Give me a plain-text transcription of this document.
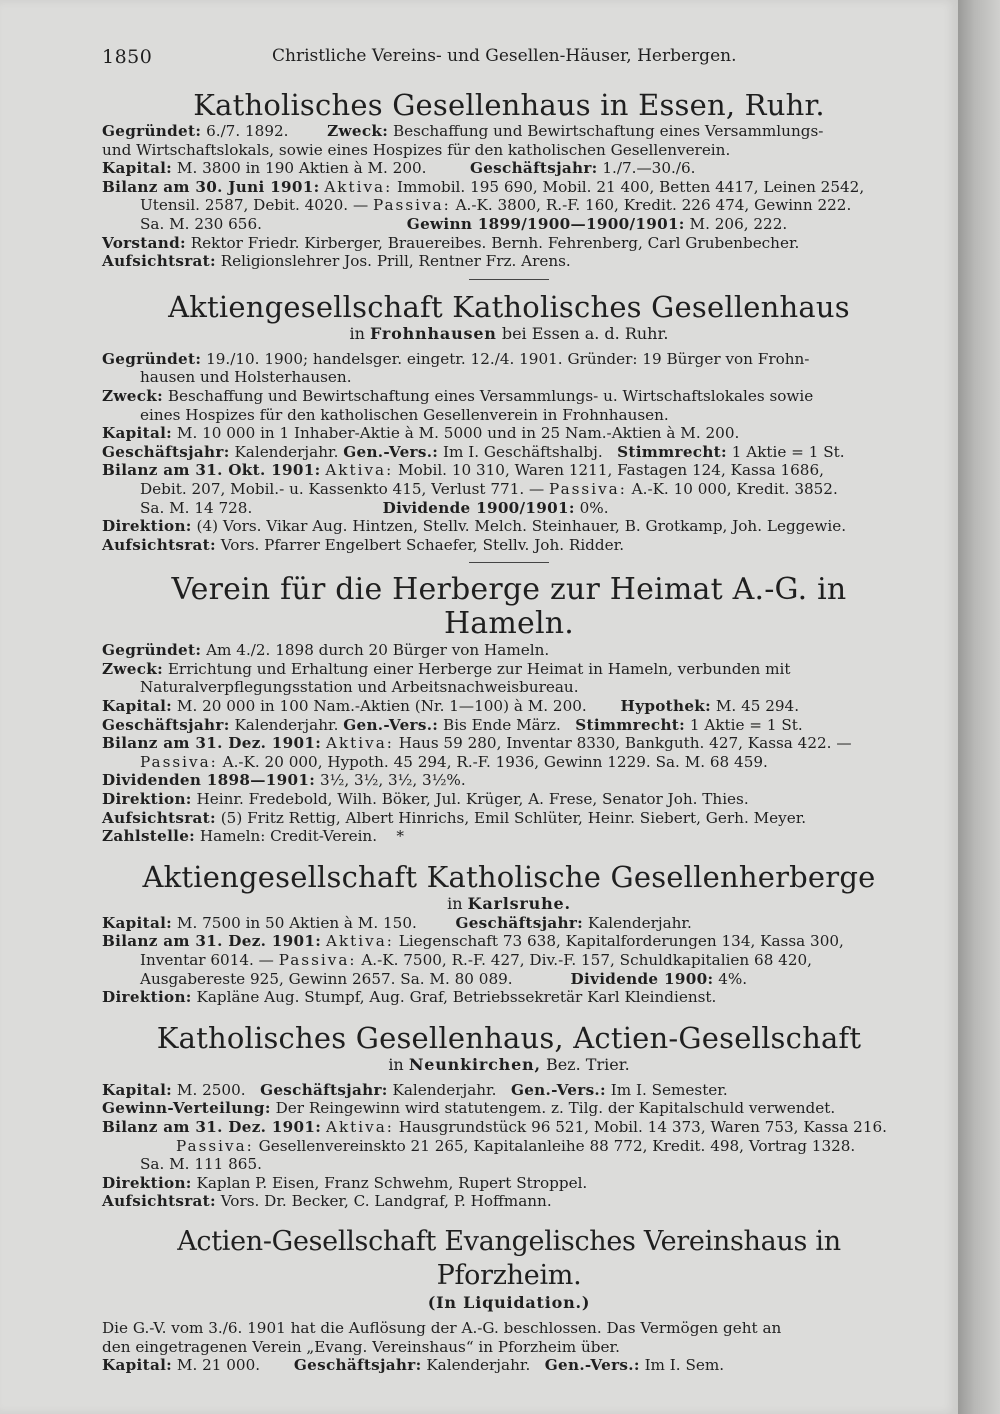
1850	Christliche Vereins- und Gesellen-Häuser, Herbergen.
Katholisches Gesellenhaus in Essen, Ruhr.

Gegründet: 6./7. 1892.	Zweck: Beschaffung und Bewirtschaftung eines Versammlungs-

und Wirtschaftslokals, sowie eines Hospizes für den katholischen Gesellenverein.

Kapital: M. 3800 in 190 Aktien à M. 200.	Geschäftsjahr: 1./7.—30./6.

Bilanz am 30. Juni 1901: Aktiva: Immobil. 195 690, Mobil. 21 400, Betten 4417, Leinen 2542,

Utensil. 2587, Debit. 4020. — Passiva: A.-K. 3800, R.-F. 160, Kredit. 226 474, Gewinn 222.

Sa. M. 230 656.	Gewinn 1899/1900—1900/1901: M. 206, 222.

Vorstand: Rektor Friedr. Kirberger, Brauereibes. Bernh. Fehrenberg, Carl Grubenbecher.

Aufsichtsrat: Religionslehrer Jos. Prill, Rentner Frz. Arens.

Aktiengesellschaft Katholisches Gesellenhaus
in Frohnhausen bei Essen a. d. Ruhr.

Gegründet: 19./10. 1900; handelsger. eingetr. 12./4. 1901. Gründer: 19 Bürger von Frohn-

hausen und Holsterhausen.

Zweck: Beschaffung und Bewirtschaftung eines Versammlungs- u. Wirtschaftslokales sowie

eines Hospizes für den katholischen Gesellenverein in Frohnhausen.

Kapital: M. 10 000 in 1 Inhaber-Aktie à M. 5000 und in 25 Nam.-Aktien à M. 200.

Geschäftsjahr: Kalenderjahr. Gen.-Vers.: Im I. Geschäftshalbj. Stimmrecht: 1 Aktie = 1 St.

Bilanz am 31. Okt. 1901: Aktiva: Mobil. 10 310, Waren 1211, Fastagen 124, Kassa 1686,

Debit. 207, Mobil.- u. Kassenkto 415, Verlust 771. — Passiva: A.-K. 10 000, Kredit. 3852.

Sa. M. 14 728.	Dividende 1900/1901: 0%.

Direktion: (4) Vors. Vikar Aug. Hintzen, Stellv. Melch. Steinhauer, B. Grotkamp, Joh. Leggewie.

Aufsichtsrat: Vors. Pfarrer Engelbert Schaefer, Stellv. Joh. Ridder.

Verein für die Herberge zur Heimat A.-G. in Hameln.

Gegründet: Am 4./2. 1898 durch 20 Bürger von Hameln.

Zweck: Errichtung und Erhaltung einer Herberge zur Heimat in Hameln, verbunden mit

Naturalverpflegungsstation und Arbeitsnachweisbureau.

Kapital: M. 20 000 in 100 Nam.-Aktien (Nr. 1—100) à M. 200. Hypothek: M. 45 294.

Geschäftsjahr: Kalenderjahr. Gen.-Vers.: Bis Ende März. Stimmrecht: 1 Aktie = 1 St.

Bilanz am 31. Dez. 1901: Aktiva: Haus 59 280, Inventar 8330, Bankguth. 427, Kassa 422. —

Passiva: A.-K. 20 000, Hypoth. 45 294, R.-F. 1936, Gewinn 1229. Sa. M. 68 459.

Dividenden 1898—1901: 3½, 3½, 3½, 3½%.

Direktion: Heinr. Fredebold, Wilh. Böker, Jul. Krüger, A. Frese, Senator Joh. Thies.

Aufsichtsrat: (5) Fritz Rettig, Albert Hinrichs, Emil Schlüter, Heinr. Siebert, Gerh. Meyer.

Zahlstelle: Hameln: Credit-Verein. *

Aktiengesellschaft Katholische Gesellenherberge
in Karlsruhe.

Kapital: M. 7500 in 50 Aktien à M. 150.	Geschäftsjahr: Kalenderjahr.

Bilanz am 31. Dez. 1901: Aktiva: Liegenschaft 73 638, Kapitalforderungen 134, Kassa 300,

Inventar 6014. — Passiva: A.-K. 7500, R.-F. 427, Div.-F. 157, Schuldkapitalien 68 420,

Ausgabereste 925, Gewinn 2657. Sa. M. 80 089.	Dividende 1900: 4%.

Direktion: Kapläne Aug. Stumpf, Aug. Graf, Betriebssekretär Karl Kleindienst.

Katholisches Gesellenhaus, Actien-Gesellschaft
in Neunkirchen, Bez. Trier.

Kapital: M. 2500. Geschäftsjahr: Kalenderjahr. Gen.-Vers.: Im I. Semester.

Gewinn-Verteilung: Der Reingewinn wird statutengem. z. Tilg. der Kapitalschuld verwendet.

Bilanz am 31. Dez. 1901: Aktiva: Hausgrundstück 96 521, Mobil. 14 373, Waren 753, Kassa 216.

Passiva: Gesellenvereinskto 21 265, Kapitalanleihe 88 772, Kredit. 498, Vortrag 1328.

Sa. M. 111 865.

Direktion: Kaplan P. Eisen, Franz Schwehm, Rupert Stroppel.

Aufsichtsrat: Vors. Dr. Becker, C. Landgraf, P. Hoffmann.

Actien-Gesellschaft Evangelisches Vereinshaus in Pforzheim.
(In Liquidation.)

Die G.-V. vom 3./6. 1901 hat die Auflösung der A.-G. beschlossen. Das Vermögen geht an

den eingetragenen Verein „Evang. Vereinshaus“ in Pforzheim über.

Kapital: M. 21 000. Geschäftsjahr: Kalenderjahr. Gen.-Vers.: Im I. Sem.
